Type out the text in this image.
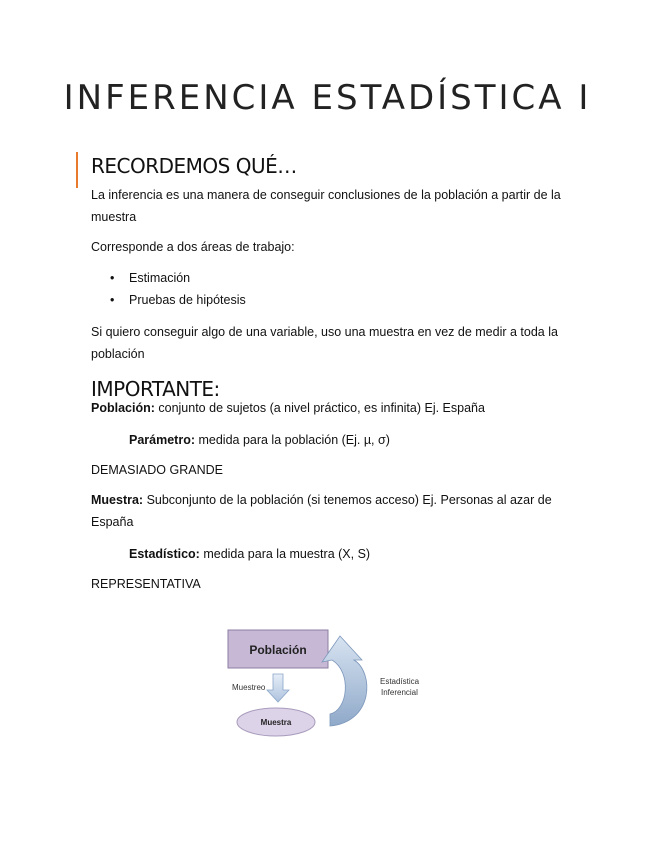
INFERENCIA ESTADÍSTICA I
RECORDEMOS QUÉ…
La inferencia es una manera de conseguir conclusiones de la población a partir de la muestra
Corresponde a dos áreas de trabajo:
• Estimación
• Pruebas de hipótesis
Si quiero conseguir algo de una variable, uso una muestra en vez de medir a toda la población
IMPORTANTE:
Población: conjunto de sujetos (a nivel práctico, es infinita) Ej. España
Parámetro: medida para la población (Ej. µ, σ)
DEMASIADO GRANDE
Muestra: Subconjunto de la población (si tenemos acceso) Ej. Personas al azar de España
Estadístico: medida para la muestra (X, S)
REPRESENTATIVA
Población
Muestreo
Muestra
Estadística
Inferencial
